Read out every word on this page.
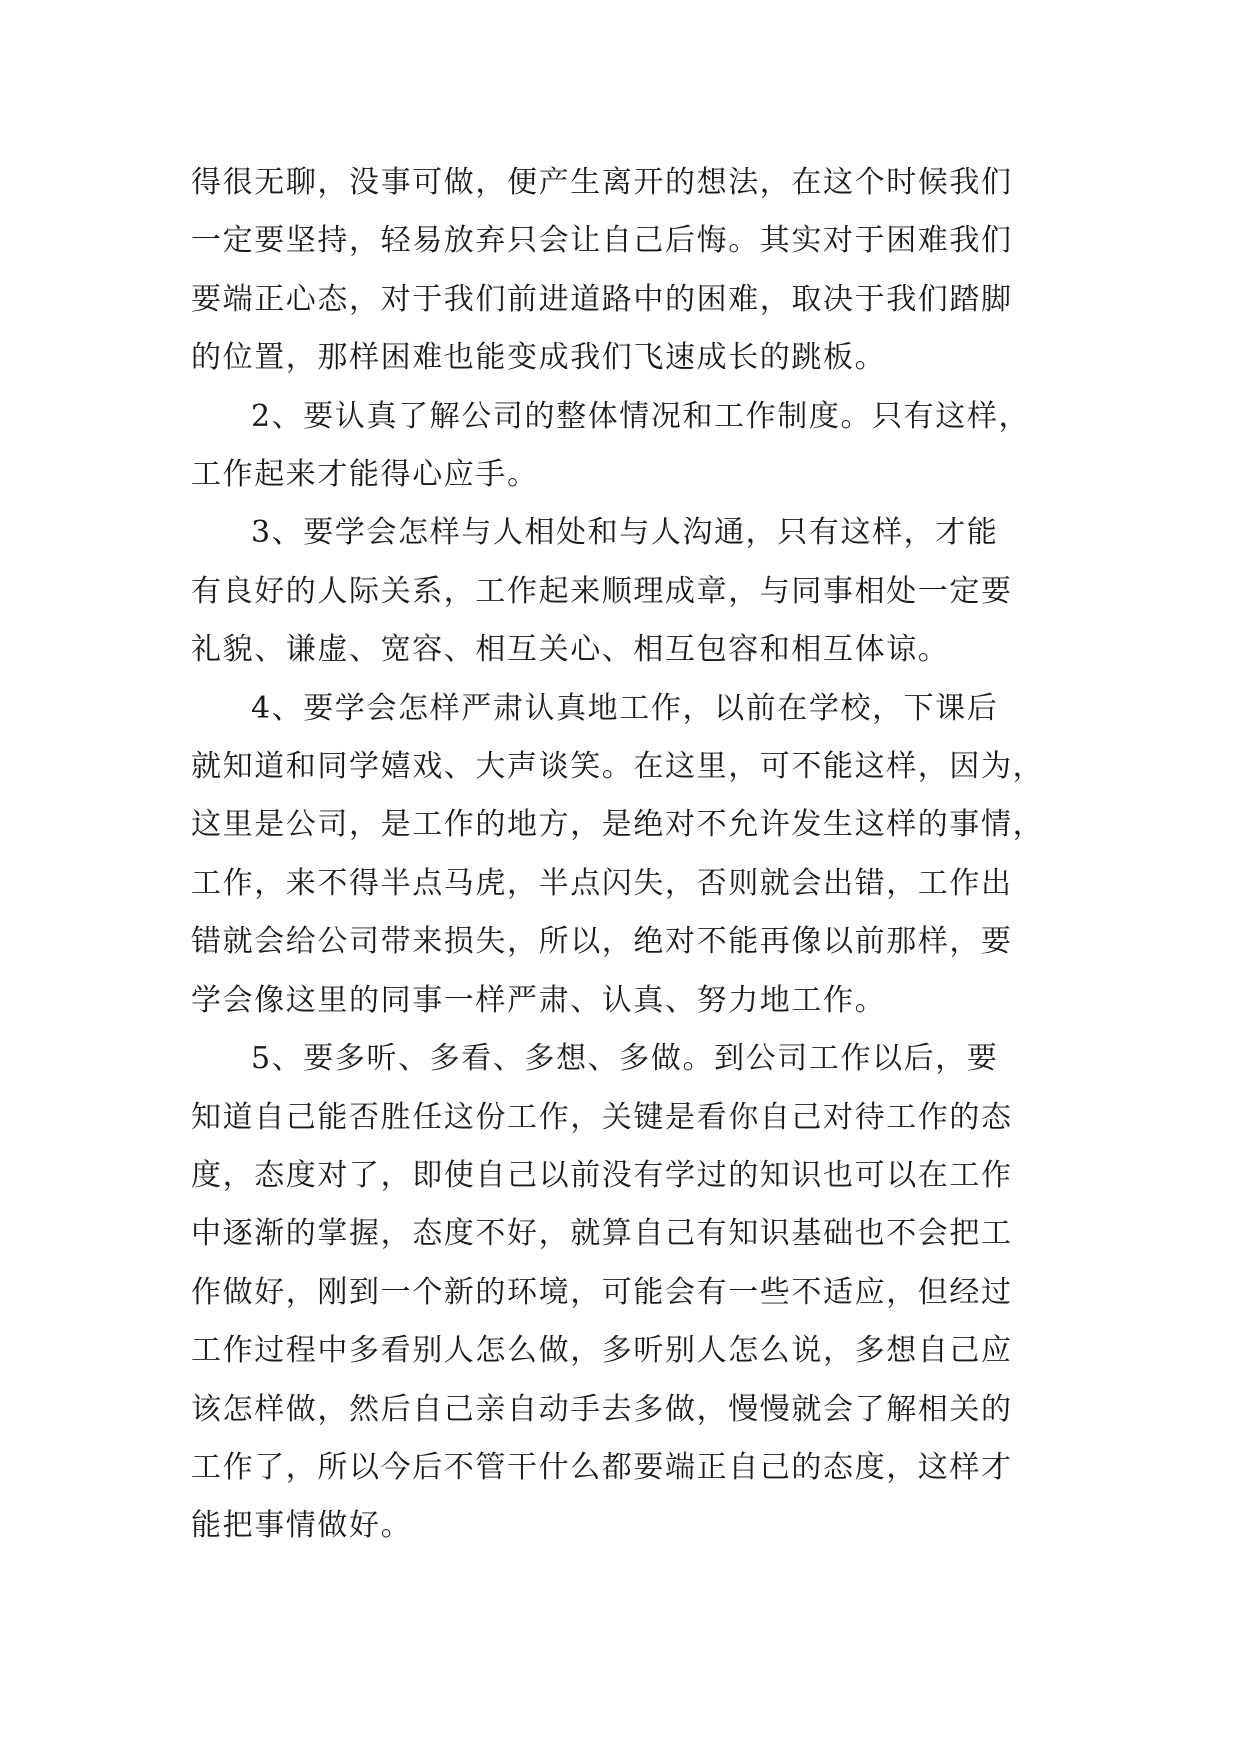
得很无聊，没事可做，便产生离开的想法，在这个时候我们

一定要坚持，轻易放弃只会让自己后悔。其实对于困难我们

要端正心态，对于我们前进道路中的困难，取决于我们踏脚

的位置，那样困难也能变成我们飞速成长的跳板。

2、要认真了解公司的整体情况和工作制度。只有这样，

工作起来才能得心应手。

3、要学会怎样与人相处和与人沟通，只有这样，才能

有良好的人际关系，工作起来顺理成章，与同事相处一定要

礼貌、谦虚、宽容、相互关心、相互包容和相互体谅。

4、要学会怎样严肃认真地工作，以前在学校，下课后

就知道和同学嬉戏、大声谈笑。在这里，可不能这样，因为，

这里是公司，是工作的地方，是绝对不允许发生这样的事情，

工作，来不得半点马虎，半点闪失，否则就会出错，工作出

错就会给公司带来损失，所以，绝对不能再像以前那样，要

学会像这里的同事一样严肃、认真、努力地工作。

5、要多听、多看、多想、多做。到公司工作以后，要

知道自己能否胜任这份工作，关键是看你自己对待工作的态

度，态度对了，即使自己以前没有学过的知识也可以在工作

中逐渐的掌握，态度不好，就算自己有知识基础也不会把工

作做好，刚到一个新的环境，可能会有一些不适应，但经过

工作过程中多看别人怎么做，多听别人怎么说，多想自己应

该怎样做，然后自己亲自动手去多做，慢慢就会了解相关的

工作了，所以今后不管干什么都要端正自己的态度，这样才

能把事情做好。
